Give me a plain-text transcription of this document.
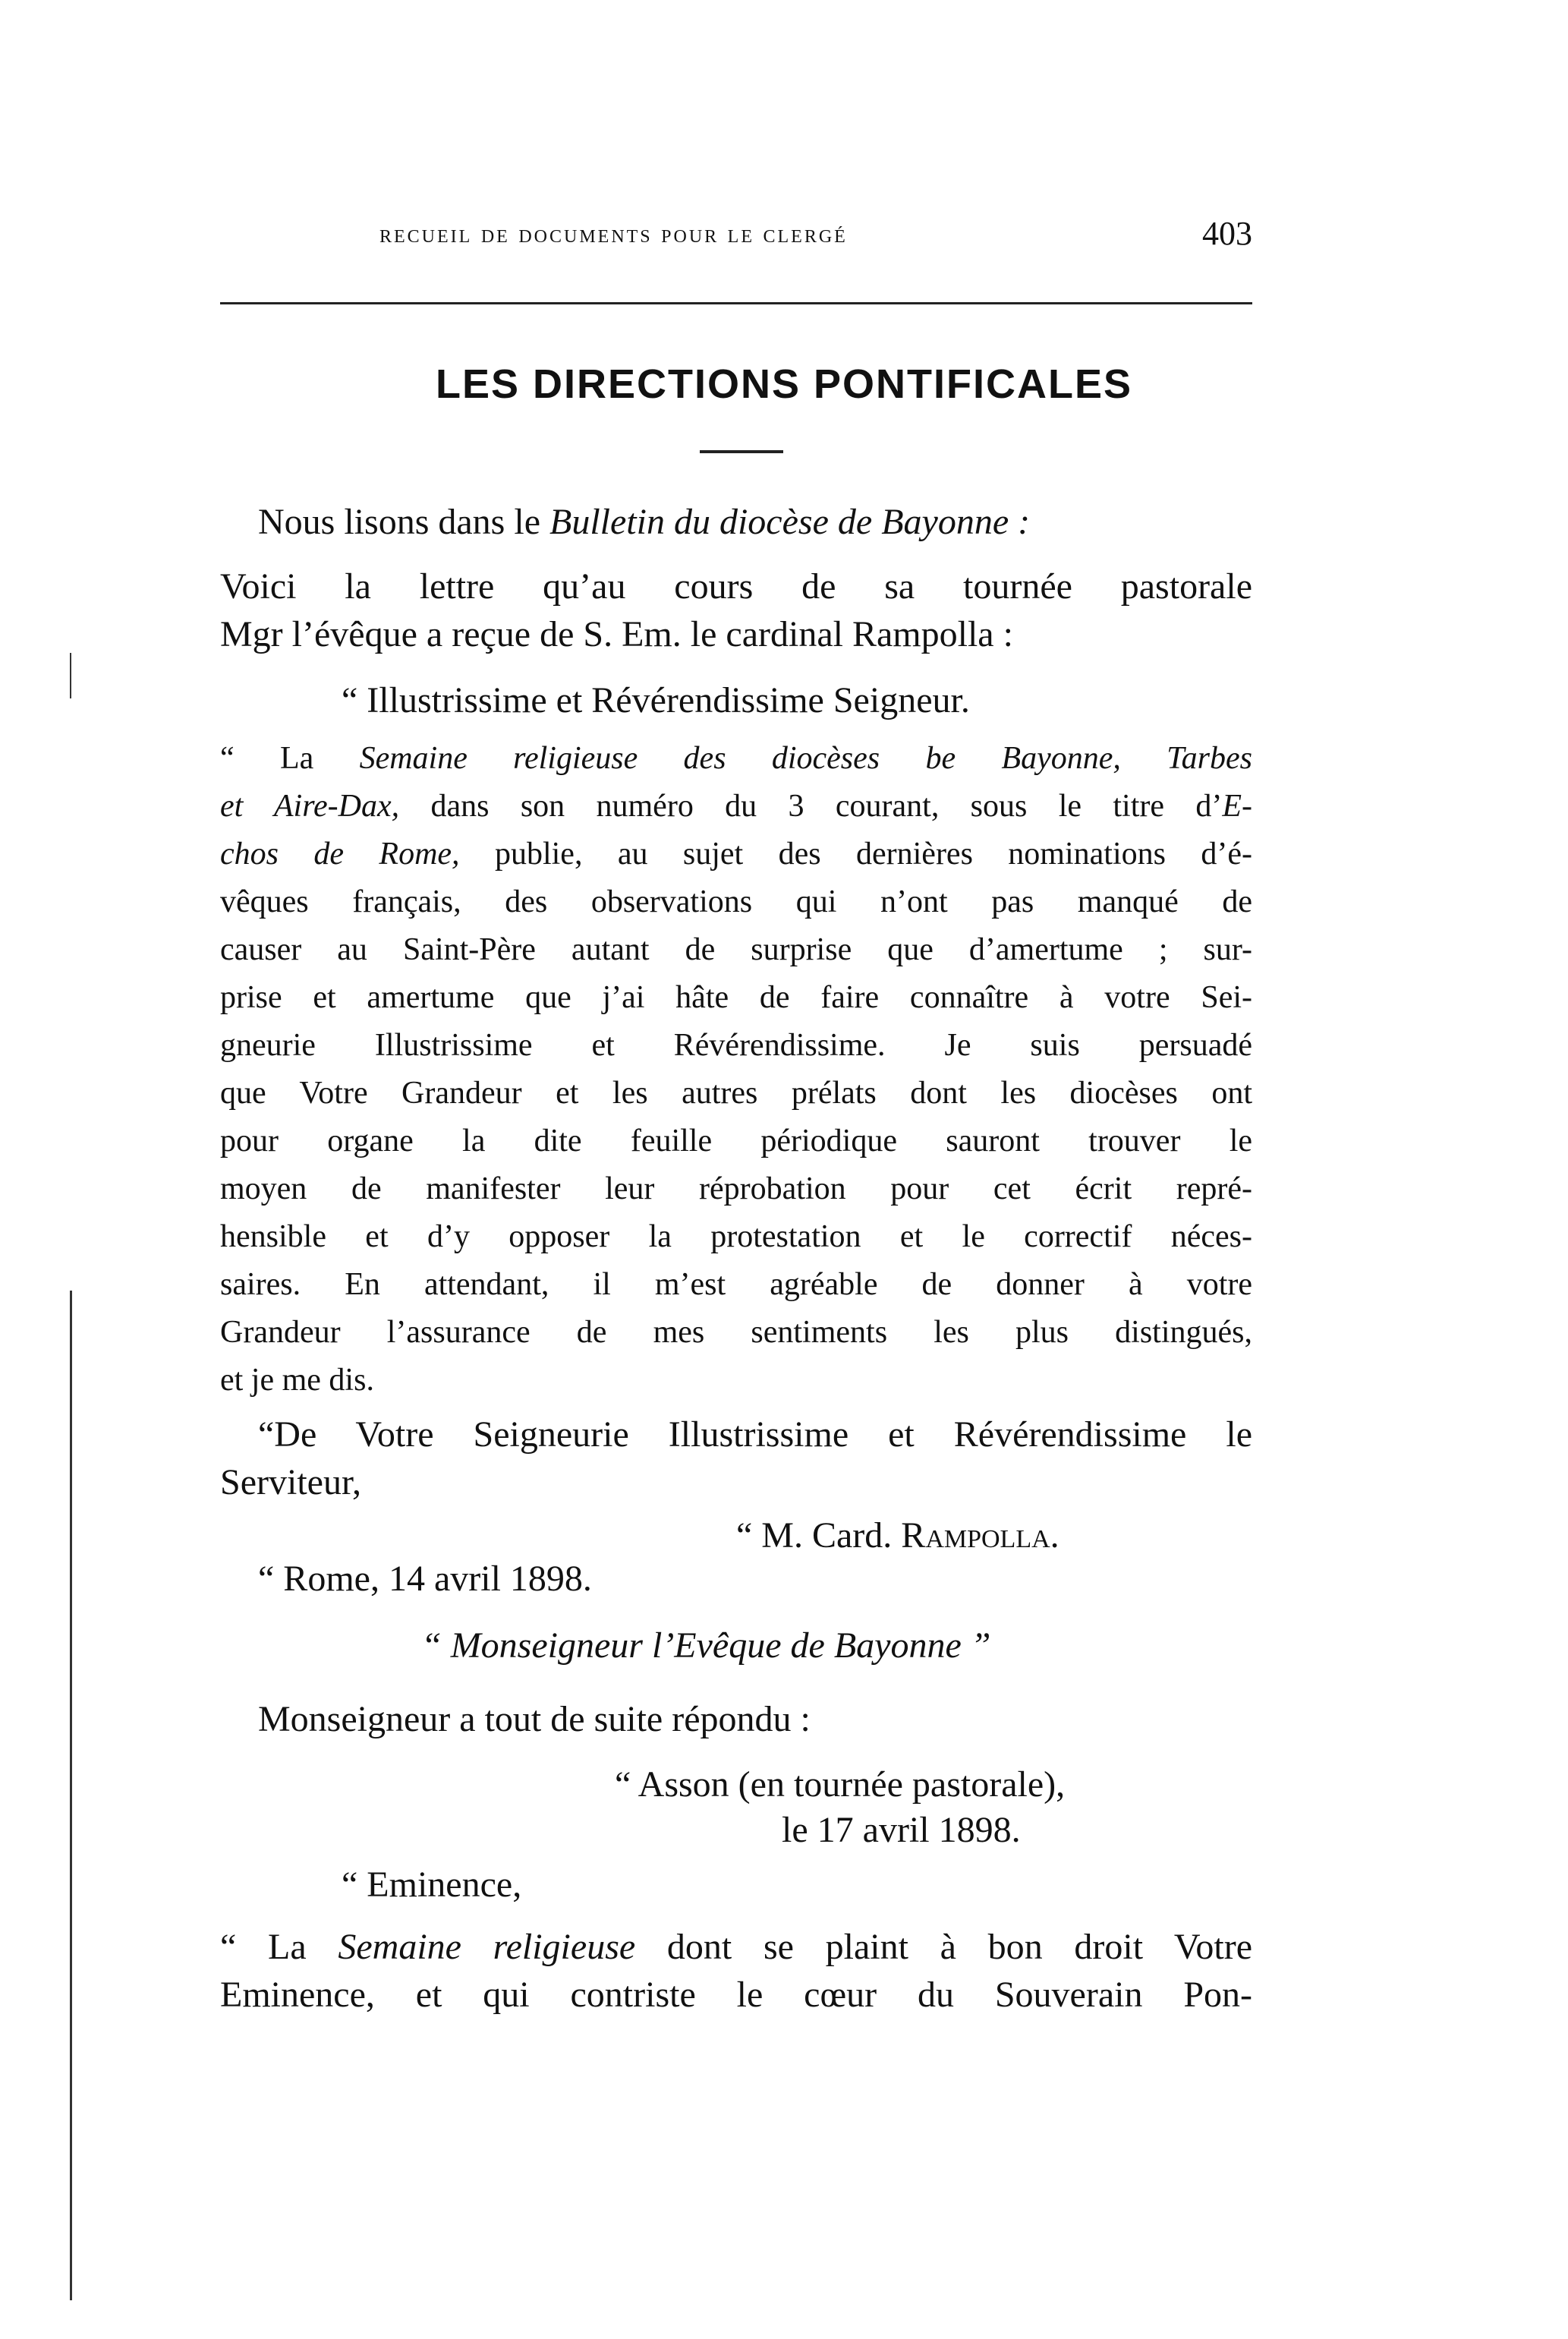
recueil de documents pour le clergé	403
LES DIRECTIONS PONTIFICALES
Nous lisons dans le Bulletin du diocèse de Bayonne :
Voici la lettre qu’au cours de sa tournée pastorale
Mgr l’évêque a reçue de S. Em. le cardinal Rampolla :
“ Illustrissime et Révérendissime Seigneur.
“ La Semaine religieuse des diocèses be Bayonne, Tarbes
et Aire-Dax, dans son numéro du 3 courant, sous le titre d’E-
chos de Rome, publie, au sujet des dernières nominations d’é-
vêques français, des observations qui n’ont pas manqué de
causer au Saint-Père autant de surprise que d’amertume ; sur-
prise et amertume que j’ai hâte de faire connaître à votre Sei-
gneurie Illustrissime et Révérendissime. Je suis persuadé
que Votre Grandeur et les autres prélats dont les diocèses ont
pour organe la dite feuille périodique sauront trouver le
moyen de manifester leur réprobation pour cet écrit repré-
hensible et d’y opposer la protestation et le correctif néces-
saires. En attendant, il m’est agréable de donner à votre
Grandeur l’assurance de mes sentiments les plus distingués,
et je me dis.
“De Votre Seigneurie Illustrissime et Révérendissime le
Serviteur,
“ M. Card. Rampolla.
“ Rome, 14 avril 1898.
“ Monseigneur l’Evêque de Bayonne ”
Monseigneur a tout de suite répondu :
“ Asson (en tournée pastorale),
le 17 avril 1898.
“ Eminence,
“ La Semaine religieuse dont se plaint à bon droit Votre
Eminence, et qui contriste le cœur du Souverain Pon-
